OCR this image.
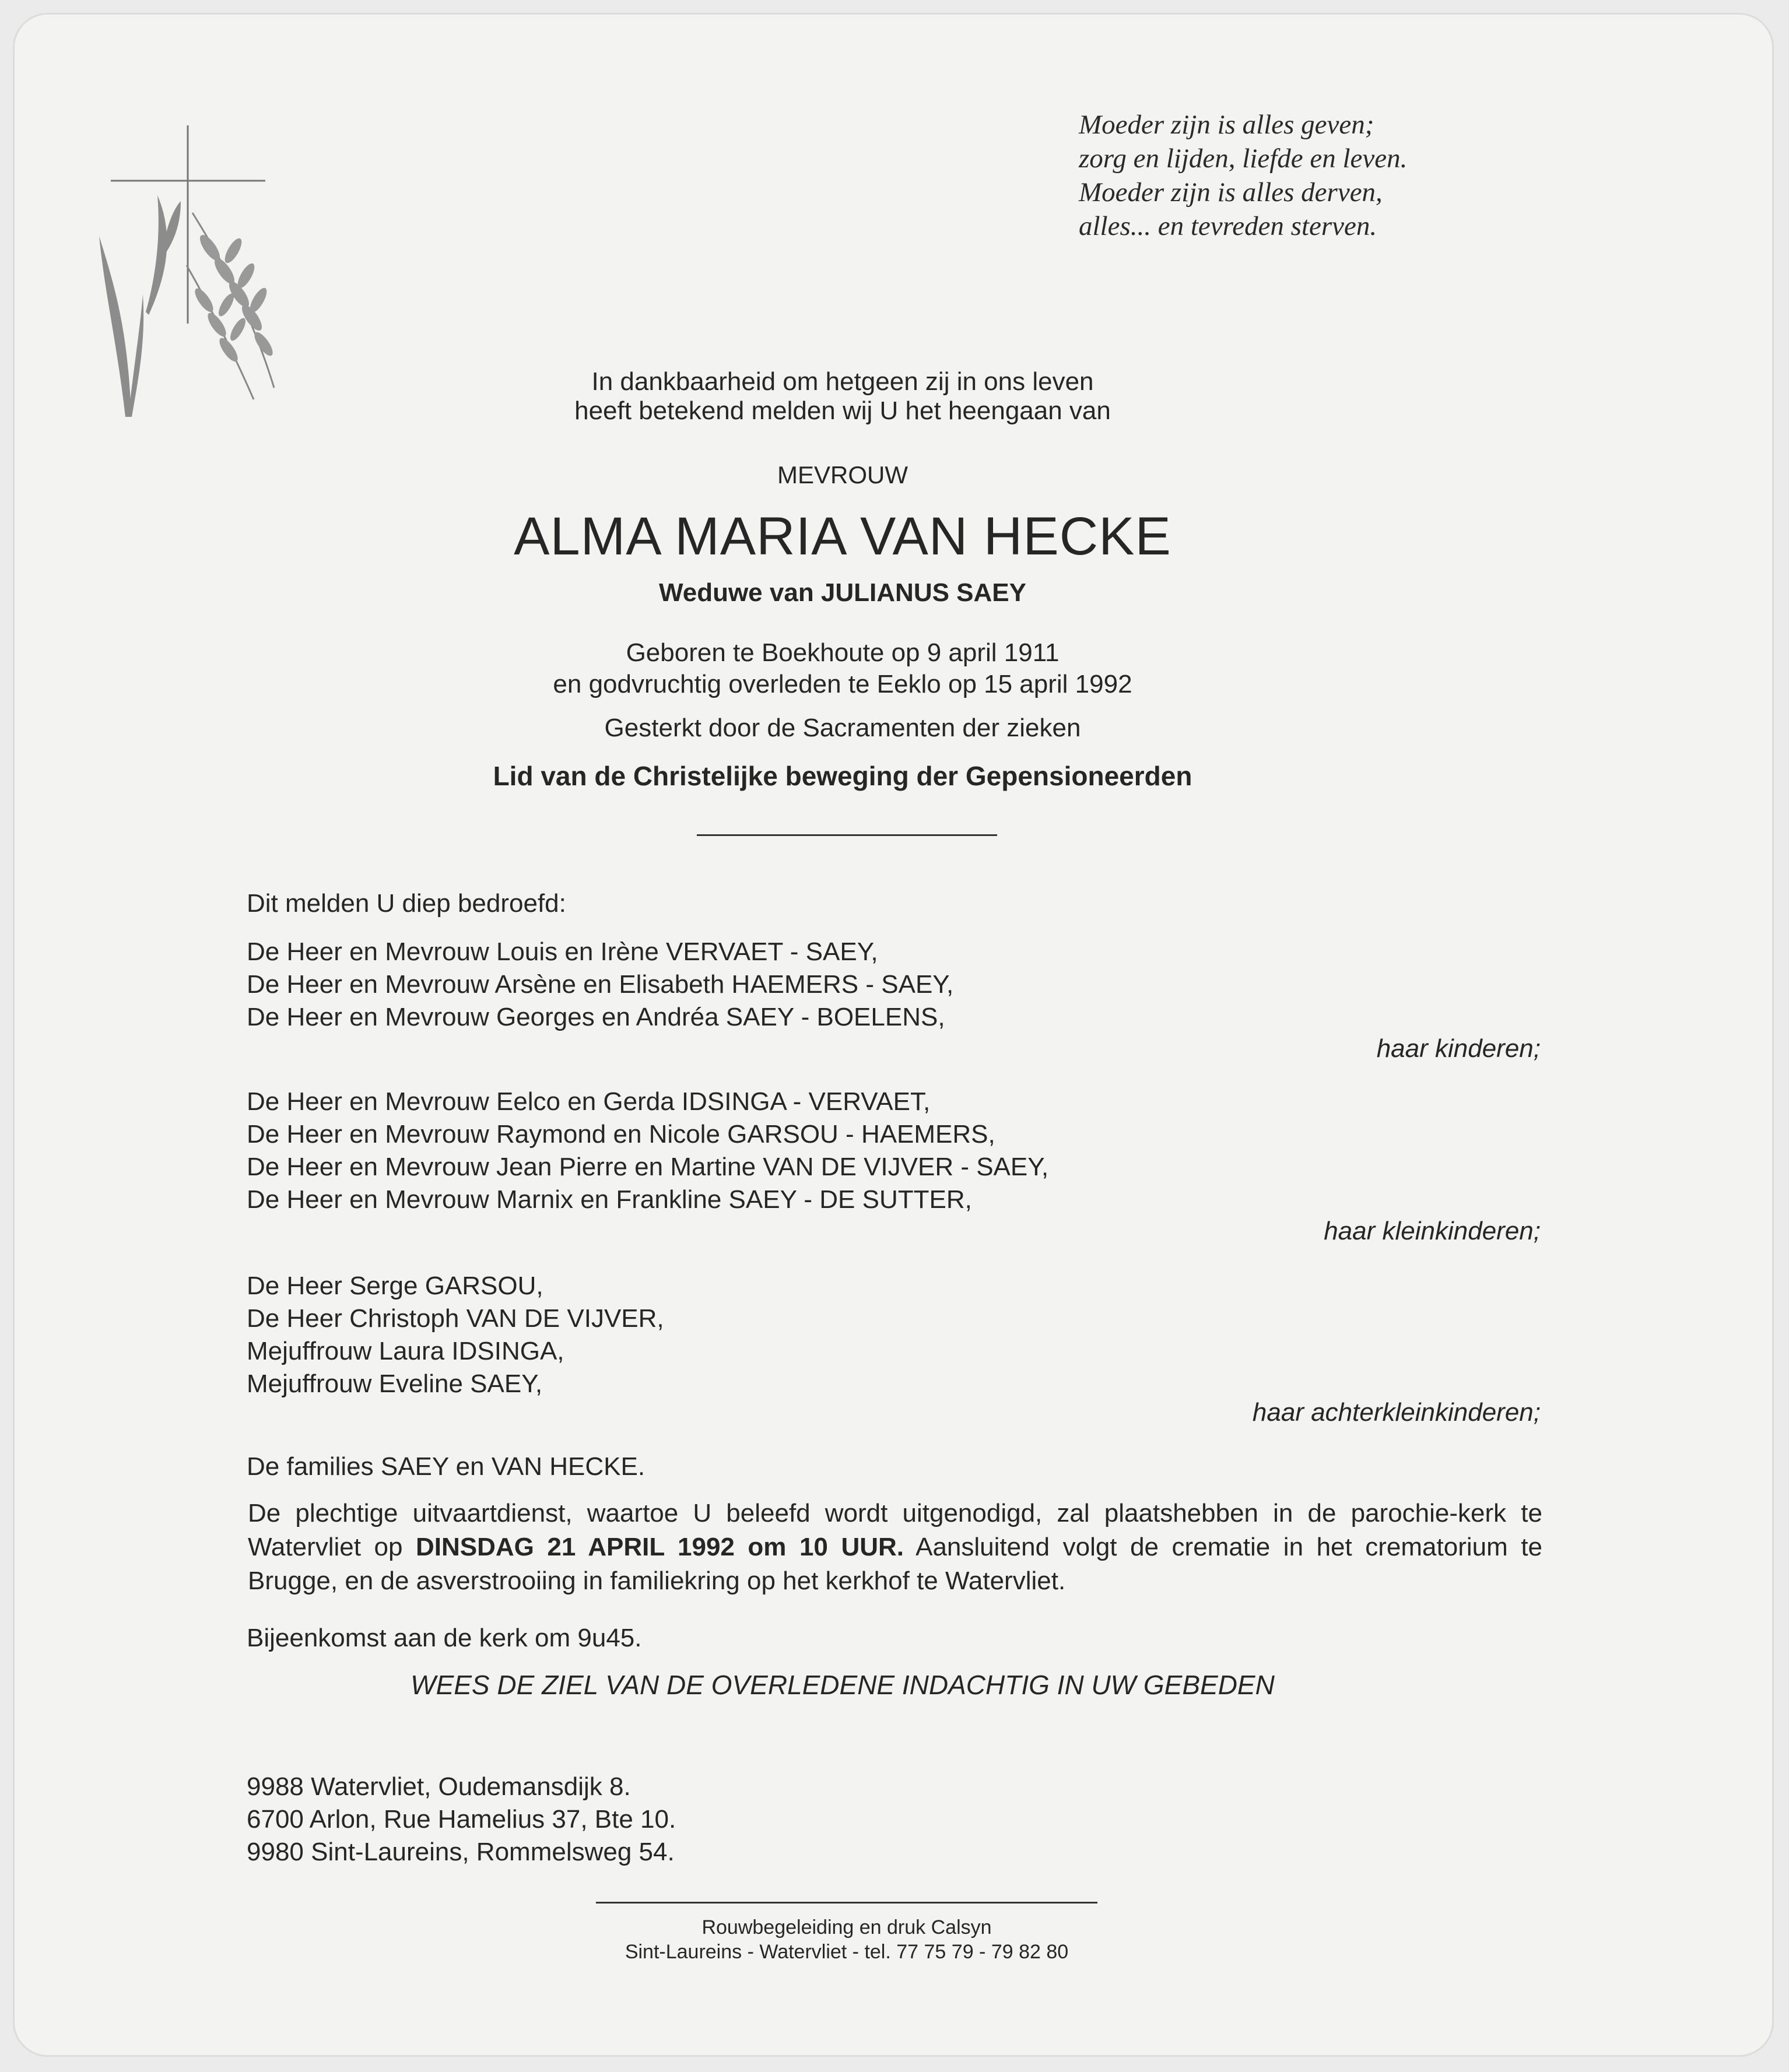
Moeder zijn is alles geven;
zorg en lijden, liefde en leven.
Moeder zijn is alles derven,
alles... en tevreden sterven.
In dankbaarheid om hetgeen zij in ons leven
heeft betekend melden wij U het heengaan van
MEVROUW
ALMA MARIA VAN HECKE
Weduwe van JULIANUS SAEY
Geboren te Boekhoute op 9 april 1911
en godvruchtig overleden te Eeklo op 15 april 1992
Gesterkt door de Sacramenten der zieken
Lid van de Christelijke beweging der Gepensioneerden
Dit melden U diep bedroefd:
De Heer en Mevrouw Louis en Irène VERVAET - SAEY,
De Heer en Mevrouw Arsène en Elisabeth HAEMERS - SAEY,
De Heer en Mevrouw Georges en Andréa SAEY - BOELENS,
haar kinderen;
De Heer en Mevrouw Eelco en Gerda IDSINGA - VERVAET,
De Heer en Mevrouw Raymond en Nicole GARSOU - HAEMERS,
De Heer en Mevrouw Jean Pierre en Martine VAN DE VIJVER - SAEY,
De Heer en Mevrouw Marnix en Frankline SAEY - DE SUTTER,
haar kleinkinderen;
De Heer Serge GARSOU,
De Heer Christoph VAN DE VIJVER,
Mejuffrouw Laura IDSINGA,
Mejuffrouw Eveline SAEY,
haar achterkleinkinderen;
De families SAEY en VAN HECKE.
De plechtige uitvaartdienst, waartoe U beleefd wordt uitgenodigd, zal plaatshebben in de parochie-kerk te Watervliet op DINSDAG 21 APRIL 1992 om 10 UUR. Aansluitend volgt de crematie in het crematorium te Brugge, en de asverstrooiing in familiekring op het kerkhof te Watervliet.
Bijeenkomst aan de kerk om 9u45.
WEES DE ZIEL VAN DE OVERLEDENE INDACHTIG IN UW GEBEDEN
9988 Watervliet, Oudemansdijk 8.
6700 Arlon, Rue Hamelius 37, Bte 10.
9980 Sint-Laureins, Rommelsweg 54.
Rouwbegeleiding en druk Calsyn
Sint-Laureins - Watervliet - tel. 77 75 79 - 79 82 80
